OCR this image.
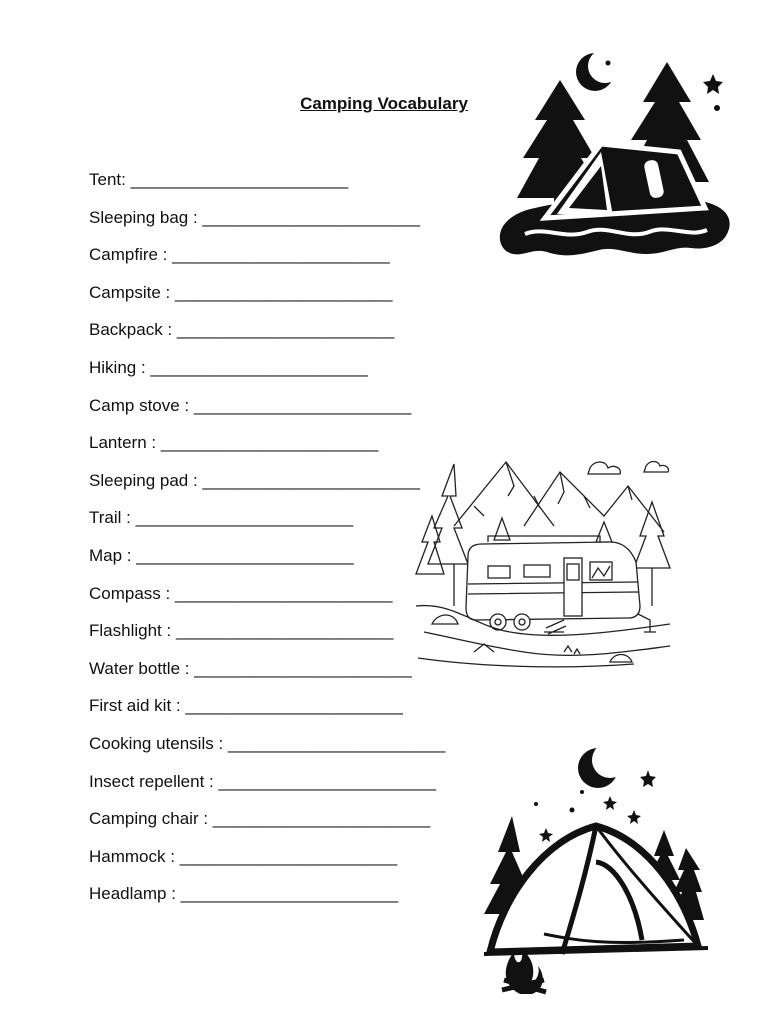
Camping Vocabulary
Tent: _______________________
Sleeping bag : _______________________
Campfire : _______________________
Campsite : _______________________
Backpack : _______________________
Hiking : _______________________
Camp stove : _______________________
Lantern : _______________________
Sleeping pad : _______________________
Trail : _______________________
Map : _______________________
Compass : _______________________
Flashlight : _______________________
Water bottle : _______________________
First aid kit : _______________________
Cooking utensils : _______________________
Insect repellent : _______________________
Camping chair : _______________________
Hammock : _______________________
Headlamp : _______________________
